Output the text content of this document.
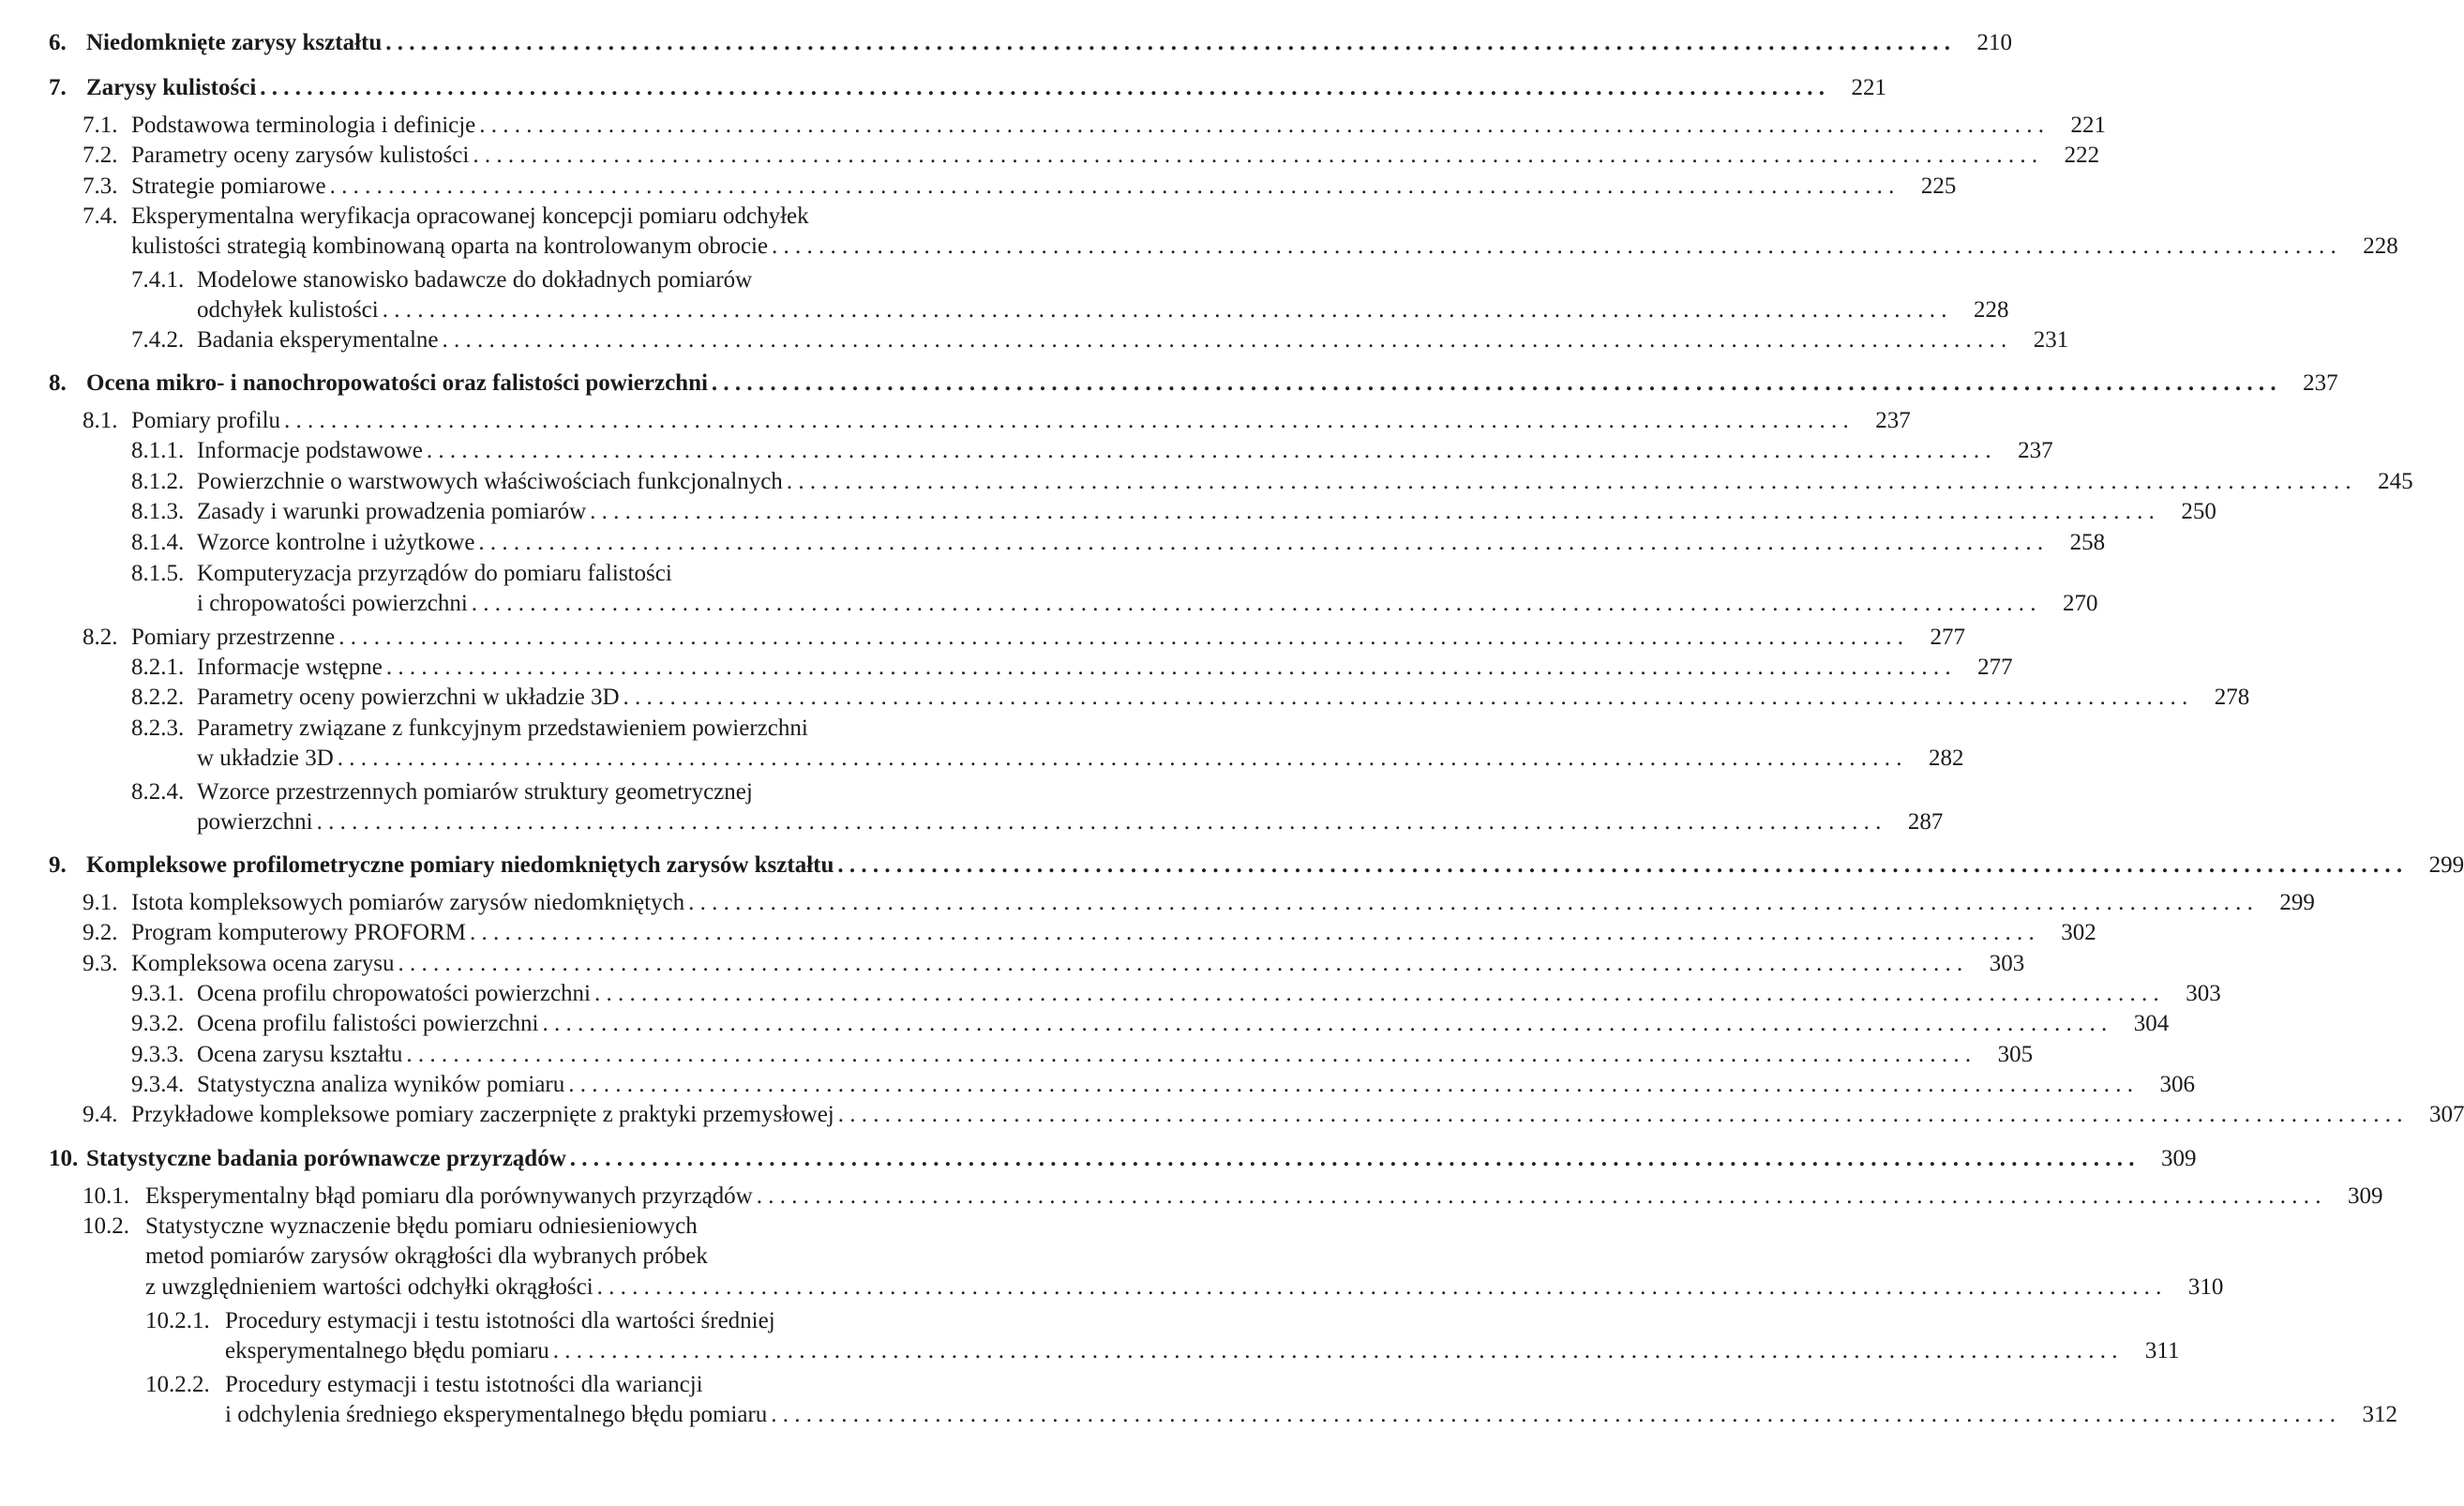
6. Niedomknięte zarysy kształtu . . .	210
7. Zarysy kulistości . . .	221
7.1. Podstawowa terminologia i definicje . . .	221
7.2. Parametry oceny zarysów kulistości . . .	222
7.3. Strategie pomiarowe . . .	225
7.4. Eksperymentalna weryfikacja opracowanej koncepcji pomiaru odchyłek
kulistości strategią kombinowaną oparta na kontrolowanym obrocie . . .	228
7.4.1. Modelowe stanowisko badawcze do dokładnych pomiarów
odchyłek kulistości . . .	228
7.4.2. Badania eksperymentalne . . .	231
8. Ocena mikro- i nanochropowatości oraz falistości powierzchni . . .	237
8.1. Pomiary profilu . . .	237
8.1.1. Informacje podstawowe . . .	237
8.1.2. Powierzchnie o warstwowych właściwościach funkcjonalnych . . .	245
8.1.3. Zasady i warunki prowadzenia pomiarów . . .	250
8.1.4. Wzorce kontrolne i użytkowe . . .	258
8.1.5. Komputeryzacja przyrządów do pomiaru falistości
i chropowatości powierzchni . . .	270
8.2. Pomiary przestrzenne . . .	277
8.2.1. Informacje wstępne . . .	277
8.2.2. Parametry oceny powierzchni w układzie 3D . . .	278
8.2.3. Parametry związane z funkcyjnym przedstawieniem powierzchni
w układzie 3D . . .	282
8.2.4. Wzorce przestrzennych pomiarów struktury geometrycznej
powierzchni . . .	287
9. Kompleksowe profilometryczne pomiary niedomkniętych zarysów kształtu . . .	299
9.1. Istota kompleksowych pomiarów zarysów niedomkniętych . . .	299
9.2. Program komputerowy PROFORM . . .	302
9.3. Kompleksowa ocena zarysu . . .	303
9.3.1. Ocena profilu chropowatości powierzchni . . .	303
9.3.2. Ocena profilu falistości powierzchni . . .	304
9.3.3. Ocena zarysu kształtu . . .	305
9.3.4. Statystyczna analiza wyników pomiaru . . .	306
9.4. Przykładowe kompleksowe pomiary zaczerpnięte z praktyki przemysłowej . . .	307
10. Statystyczne badania porównawcze przyrządów . . .	309
10.1. Eksperymentalny błąd pomiaru dla porównywanych przyrządów . . .	309
10.2. Statystyczne wyznaczenie błędu pomiaru odniesieniowych
metod pomiarów zarysów okrągłości dla wybranych próbek
z uwzględnieniem wartości odchyłki okrągłości . . .	310
10.2.1. Procedury estymacji i testu istotności dla wartości średniej
eksperymentalnego błędu pomiaru . . .	311
10.2.2. Procedury estymacji i testu istotności dla wariancji
i odchylenia średniego eksperymentalnego błędu pomiaru . . .	312
